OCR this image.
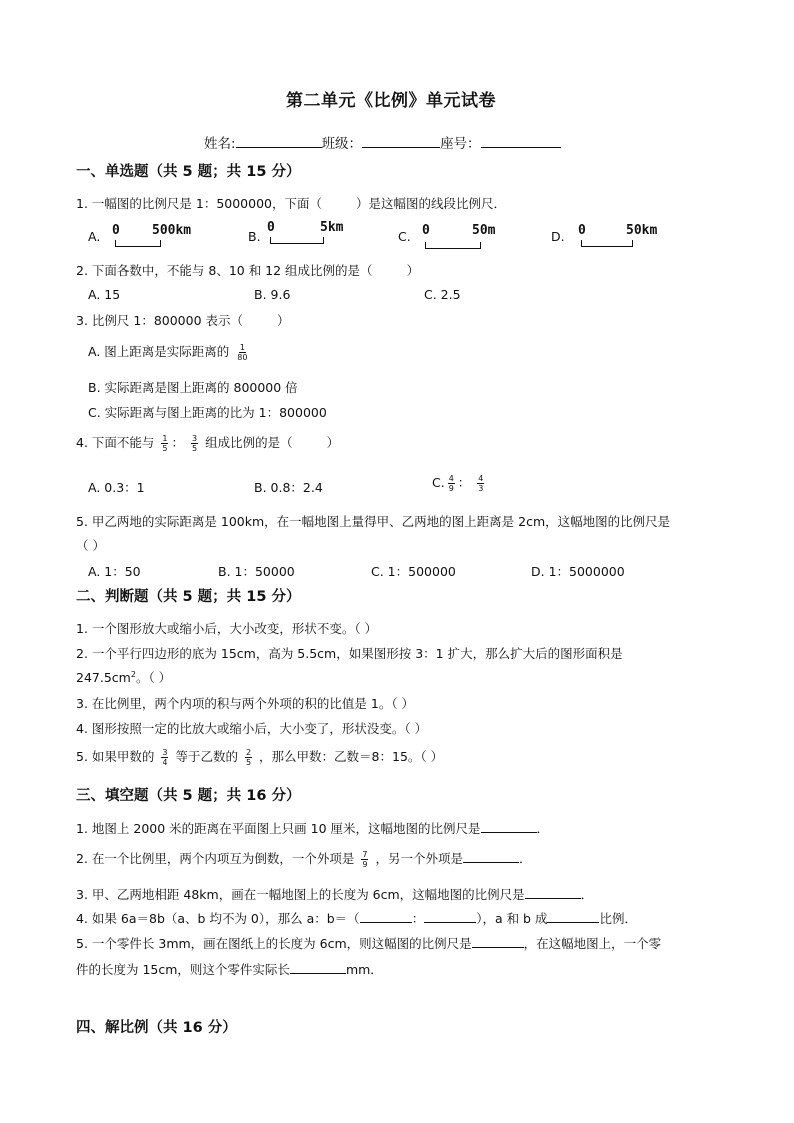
第二单元《比例》单元试卷
姓名:	班级：	座号：
一、单选题（共 5 题；共 15 分）
1. 一幅图的比例尺是 1：5000000，下面（	）是这幅图的线段比例尺．
A. 0 500km	B.
0	5km
C. 0	50m	D. 0	50km
2. 下面各数中，不能与 8、10 和 12 组成比例的是（	）
A. 15	B. 9.6	C. 2.5
3. 比例尺 1：800000 表示（	）
A. 图上距离是实际距离的 $\frac{1}{80}$
B. 实际距离是图上距离的 800000 倍
C. 实际距离与图上距离的比为 1：800000
4. 下面不能与 $\frac{1}{5}$ ： $\frac{3}{5}$ 组成比例的是（	）
A. 0.3：1	B. 0.8：2.4	C. $\frac{4}{9}$ ： $\frac{4}{3}$
5. 甲乙两地的实际距离是 100km，在一幅地图上量得甲、乙两地的图上距离是 2cm，这幅地图的比例尺是
（ ）
A. 1：50	B. 1：50000	C. 1：500000	D. 1：5000000
二、判断题（共 5 题；共 15 分）
1. 一个图形放大或缩小后，大小改变，形状不变。（ ）
2. 一个平行四边形的底为 15cm，高为 5.5cm，如果图形按 3：1 扩大，那么扩大后的图形面积是
$247.5cm^2$。（ ）
3. 在比例里，两个内项的积与两个外项的积的比值是 1。（ ）
4. 图形按照一定的比放大或缩小后，大小变了，形状没变。（ ）
5. 如果甲数的 $\frac{3}{4}$ 等于乙数的 $\frac{2}{5}$ ，那么甲数：乙数＝8：15。（ ）
三、填空题（共 5 题；共 16 分）
1. 地图上 2000 米的距离在平面图上只画 10 厘米，这幅地图的比例尺是	．
2. 在一个比例里，两个内项互为倒数，一个外项是 $\frac{7}{9}$ ，另一个外项是	．
3. 甲、乙两地相距 48km，画在一幅地图上的长度为 6cm，这幅地图的比例尺是	．
4. 如果 6a＝8b（a、b 均不为 0），那么 a：b＝（	：	），a 和 b 成	比例．
5. 一个零件长 3mm，画在图纸上的长度为 6cm，则这幅图的比例尺是	，在这幅地图上，一个零
件的长度为 15cm，则这个零件实际长	mm．
四、解比例（共 16 分）
